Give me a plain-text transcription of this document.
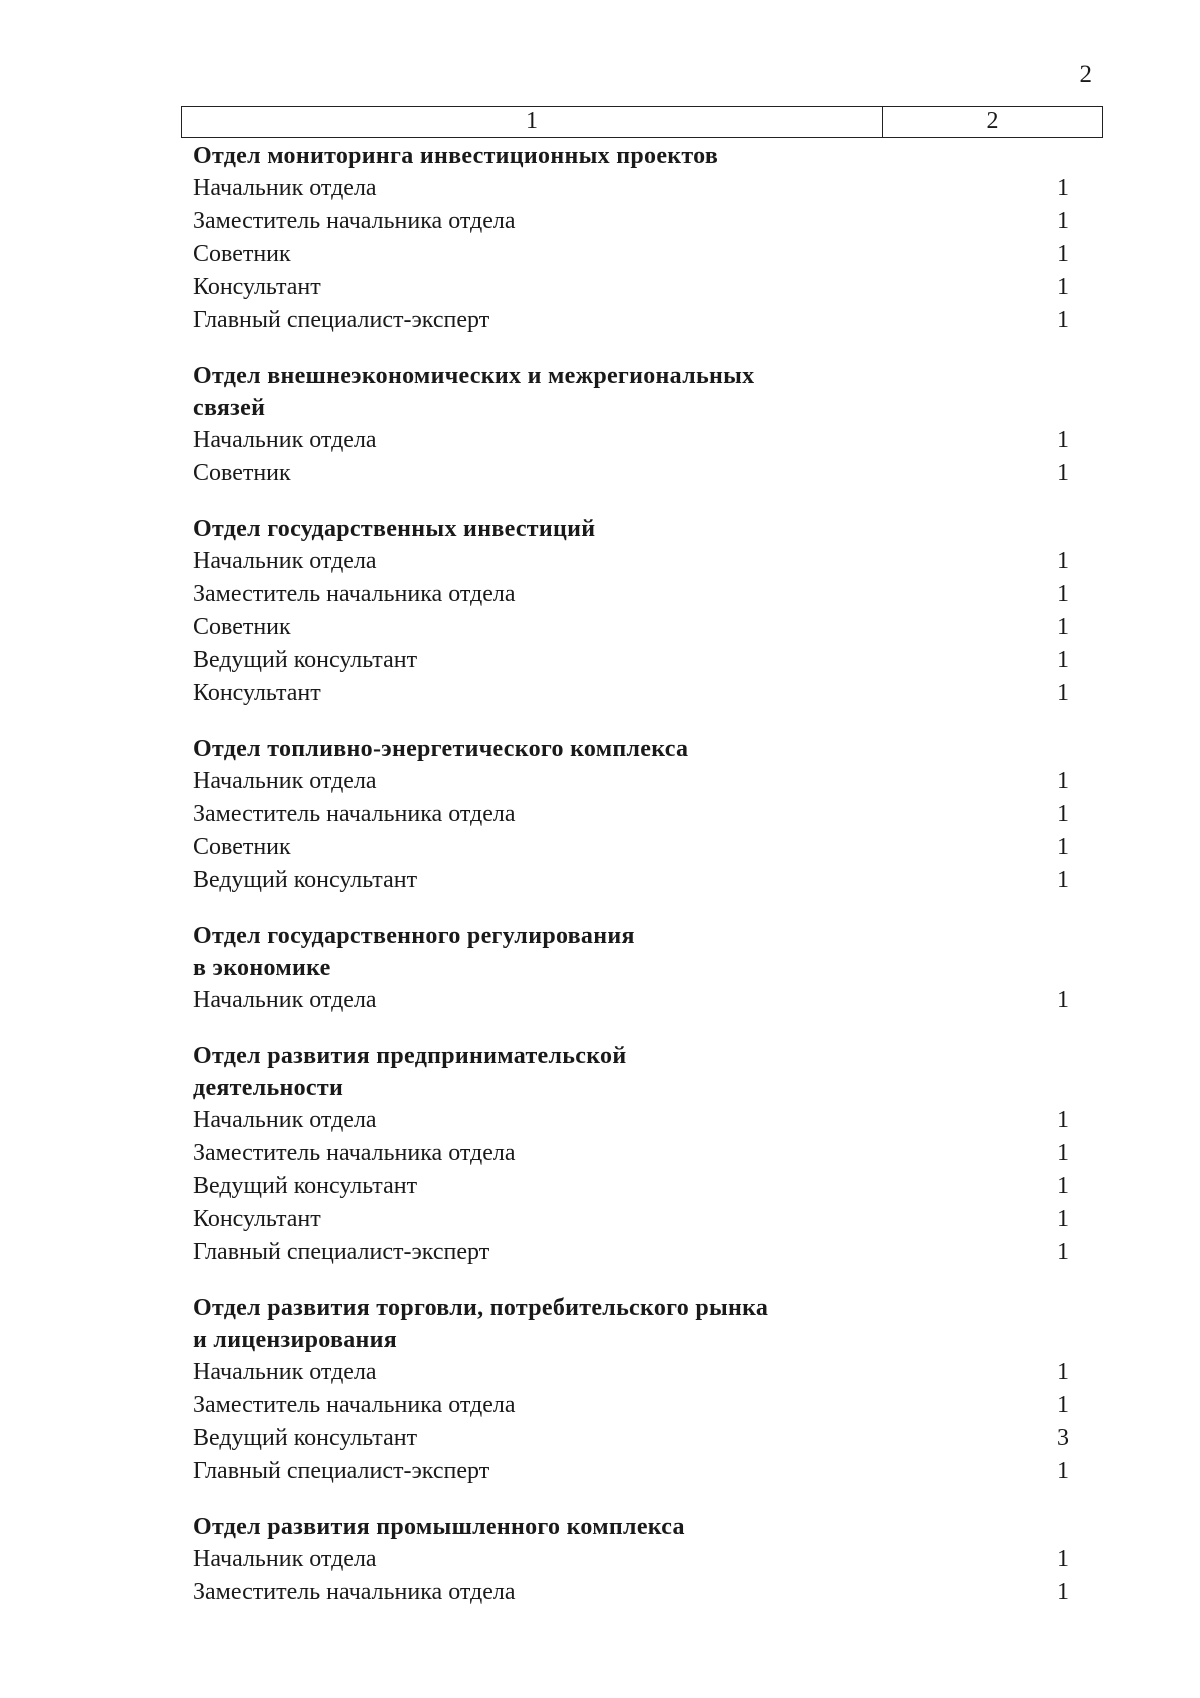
2
1	2
Отдел мониторинга инвестиционных проектов
Начальник отдела	1
Заместитель начальника отдела	1
Советник	1
Консультант	1
Главный специалист-эксперт	1
Отдел внешнеэкономических и межрегиональных
связей
Начальник отдела	1
Советник	1
Отдел государственных инвестиций
Начальник отдела	1
Заместитель начальника отдела	1
Советник	1
Ведущий консультант	1
Консультант	1
Отдел топливно-энергетического комплекса
Начальник отдела	1
Заместитель начальника отдела	1
Советник	1
Ведущий консультант	1
Отдел государственного регулирования
в экономике
Начальник отдела	1
Отдел развития предпринимательской
деятельности
Начальник отдела	1
Заместитель начальника отдела	1
Ведущий консультант	1
Консультант	1
Главный специалист-эксперт	1
Отдел развития торговли, потребительского рынка
и лицензирования
Начальник отдела	1
Заместитель начальника отдела	1
Ведущий консультант	3
Главный специалист-эксперт	1
Отдел развития промышленного комплекса
Начальник отдела	1
Заместитель начальника отдела	1
